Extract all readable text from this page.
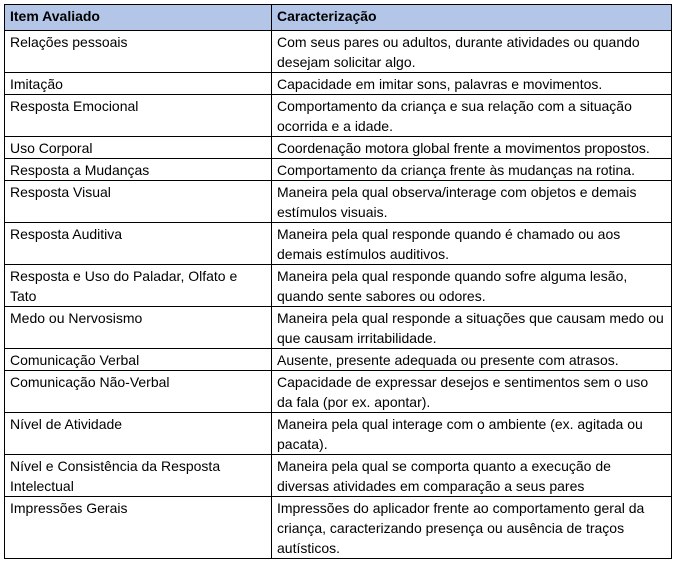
Item Avaliado	Caracterização
Relações pessoais	Com seus pares ou adultos, durante atividades ou quando desejam solicitar algo.
Imitação	Capacidade em imitar sons, palavras e movimentos.
Resposta Emocional	Comportamento da criança e sua relação com a situação ocorrida e a idade.
Uso Corporal	Coordenação motora global frente a movimentos propostos.
Resposta a Mudanças	Comportamento da criança frente às mudanças na rotina.
Resposta Visual	Maneira pela qual observa/interage com objetos e demais estímulos visuais.
Resposta Auditiva	Maneira pela qual responde quando é chamado ou aos demais estímulos auditivos.
Resposta e Uso do Paladar, Olfato e Tato	Maneira pela qual responde quando sofre alguma lesão, quando sente sabores ou odores.
Medo ou Nervosismo	Maneira pela qual responde a situações que causam medo ou que causam irritabilidade.
Comunicação Verbal	Ausente, presente adequada ou presente com atrasos.
Comunicação Não-Verbal	Capacidade de expressar desejos e sentimentos sem o uso da fala (por ex. apontar).
Nível de Atividade	Maneira pela qual interage com o ambiente (ex. agitada ou pacata).
Nível e Consistência da Resposta Intelectual	Maneira pela qual se comporta quanto a execução de diversas atividades em comparação a seus pares
Impressões Gerais	Impressões do aplicador frente ao comportamento geral da criança, caracterizando presença ou ausência de traços autísticos.
